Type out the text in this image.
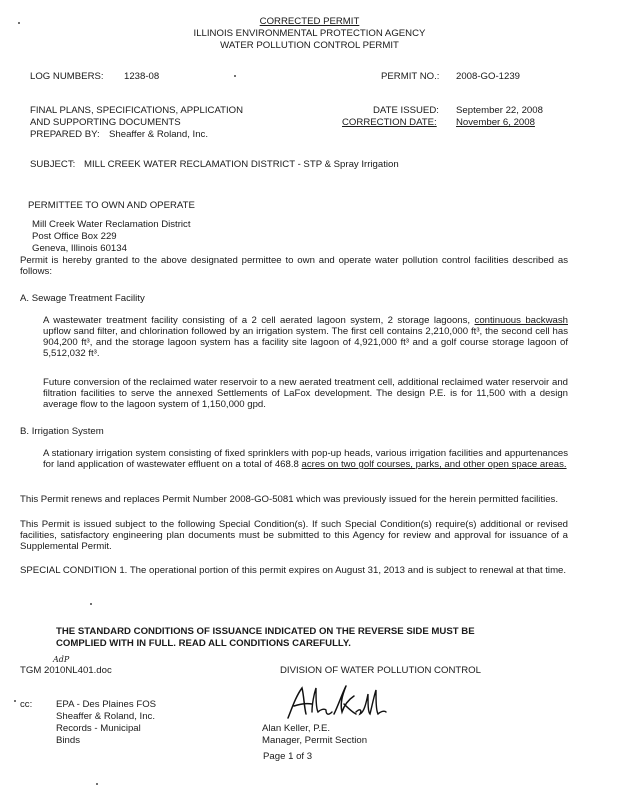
CORRECTED PERMIT
ILLINOIS ENVIRONMENTAL PROTECTION AGENCY
WATER POLLUTION CONTROL PERMIT
LOG NUMBERS: 1238-08	PERMIT NO.: 2008-GO-1239
FINAL PLANS, SPECIFICATIONS, APPLICATION
AND SUPPORTING DOCUMENTS
PREPARED BY: Sheaffer & Roland, Inc.
DATE ISSUED: September 22, 2008
CORRECTION DATE: November 6, 2008
SUBJECT: MILL CREEK WATER RECLAMATION DISTRICT - STP & Spray Irrigation
PERMITTEE TO OWN AND OPERATE
Mill Creek Water Reclamation District
Post Office Box 229
Geneva, Illinois 60134
Permit is hereby granted to the above designated permittee to own and operate water pollution control facilities described as follows:
A. Sewage Treatment Facility
A wastewater treatment facility consisting of a 2 cell aerated lagoon system, 2 storage lagoons, continuous backwash upflow sand filter, and chlorination followed by an irrigation system. The first cell contains 2,210,000 ft³, the second cell has 904,200 ft³, and the storage lagoon system has a facility site lagoon of 4,921,000 ft³ and a golf course storage lagoon of 5,512,032 ft³.
Future conversion of the reclaimed water reservoir to a new aerated treatment cell, additional reclaimed water reservoir and filtration facilities to serve the annexed Settlements of LaFox development. The design P.E. is for 11,500 with a design average flow to the lagoon system of 1,150,000 gpd.
B. Irrigation System
A stationary irrigation system consisting of fixed sprinklers with pop-up heads, various irrigation facilities and appurtenances for land application of wastewater effluent on a total of 468.8 acres on two golf courses, parks, and other open space areas.
This Permit renews and replaces Permit Number 2008-GO-5081 which was previously issued for the herein permitted facilities.
This Permit is issued subject to the following Special Condition(s). If such Special Condition(s) require(s) additional or revised facilities, satisfactory engineering plan documents must be submitted to this Agency for review and approval for issuance of a Supplemental Permit.
SPECIAL CONDITION 1. The operational portion of this permit expires on August 31, 2013 and is subject to renewal at that time.
THE STANDARD CONDITIONS OF ISSUANCE INDICATED ON THE REVERSE SIDE MUST BE
COMPLIED WITH IN FULL. READ ALL CONDITIONS CAREFULLY.
TGM 2010NL401.doc
AdP
DIVISION OF WATER POLLUTION CONTROL
cc: EPA - Des Plaines FOS
Sheaffer & Roland, Inc.
Records - Municipal
Binds
Alan Keller, P.E.
Manager, Permit Section
Page 1 of 3
